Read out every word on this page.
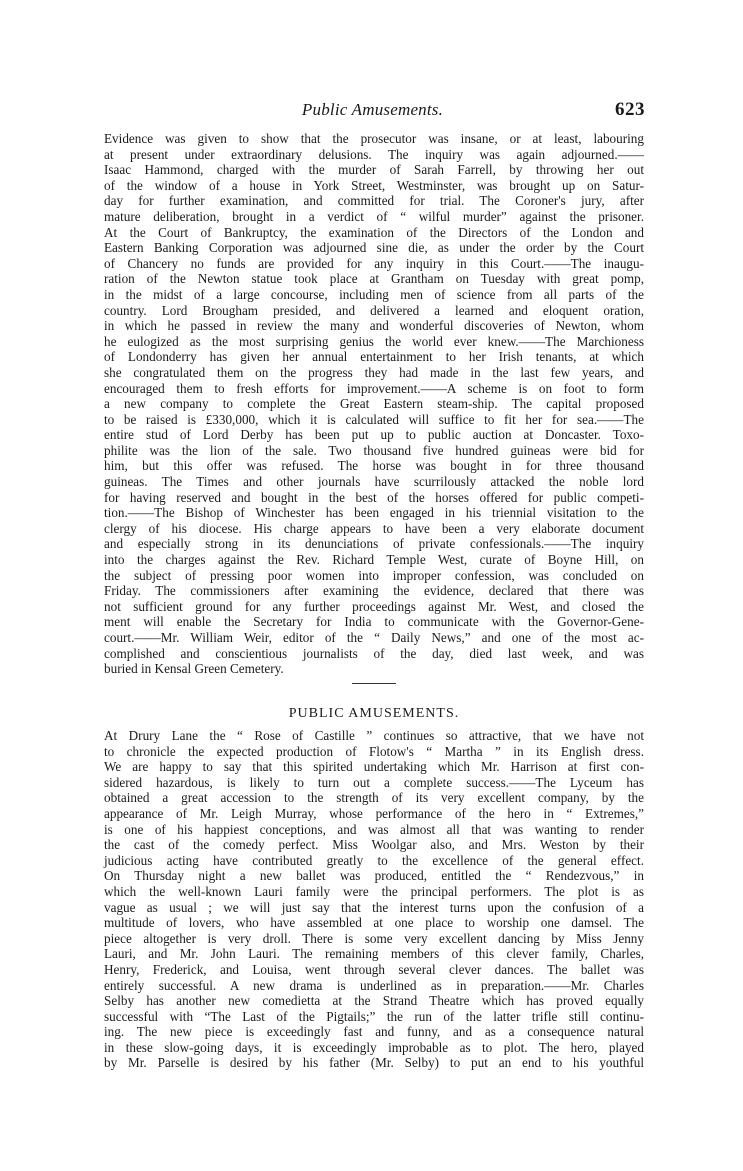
Public Amusements.	623
Evidence was given to show that the prosecutor was insane, or at least, labouring
at present under extraordinary delusions. The inquiry was again adjourned.——
Isaac Hammond, charged with the murder of Sarah Farrell, by throwing her out
of the window of a house in York Street, Westminster, was brought up on Satur-
day for further examination, and committed for trial. The Coroner's jury, after
mature deliberation, brought in a verdict of “ wilful murder” against the prisoner.
At the Court of Bankruptcy, the examination of the Directors of the London and
Eastern Banking Corporation was adjourned sine die, as under the order by the Court
of Chancery no funds are provided for any inquiry in this Court.——The inaugu-
ration of the Newton statue took place at Grantham on Tuesday with great pomp,
in the midst of a large concourse, including men of science from all parts of the
country. Lord Brougham presided, and delivered a learned and eloquent oration,
in which he passed in review the many and wonderful discoveries of Newton, whom
he eulogized as the most surprising genius the world ever knew.——The Marchioness
of Londonderry has given her annual entertainment to her Irish tenants, at which
she congratulated them on the progress they had made in the last few years, and
encouraged them to fresh efforts for improvement.——A scheme is on foot to form
a new company to complete the Great Eastern steam-ship. The capital proposed
to be raised is £330,000, which it is calculated will suffice to fit her for sea.——The
entire stud of Lord Derby has been put up to public auction at Doncaster. Toxo-
philite was the lion of the sale. Two thousand five hundred guineas were bid for
him, but this offer was refused. The horse was bought in for three thousand
guineas. The Times and other journals have scurrilously attacked the noble lord
for having reserved and bought in the best of the horses offered for public competi-
tion.——The Bishop of Winchester has been engaged in his triennial visitation to the
clergy of his diocese. His charge appears to have been a very elaborate document
and especially strong in its denunciations of private confessionals.——The inquiry
into the charges against the Rev. Richard Temple West, curate of Boyne Hill, on
the subject of pressing poor women into improper confession, was concluded on
Friday. The commissioners after examining the evidence, declared that there was
not sufficient ground for any further proceedings against Mr. West, and closed the
ment will enable the Secretary for India to communicate with the Governor-Gene-
court.——Mr. William Weir, editor of the “ Daily News,” and one of the most ac-
complished and conscientious journalists of the day, died last week, and was
buried in Kensal Green Cemetery.
PUBLIC AMUSEMENTS.
At Drury Lane the “ Rose of Castille ” continues so attractive, that we have not
to chronicle the expected production of Flotow's “ Martha ” in its English dress.
We are happy to say that this spirited undertaking which Mr. Harrison at first con-
sidered hazardous, is likely to turn out a complete success.——The Lyceum has
obtained a great accession to the strength of its very excellent company, by the
appearance of Mr. Leigh Murray, whose performance of the hero in “ Extremes,”
is one of his happiest conceptions, and was almost all that was wanting to render
the cast of the comedy perfect. Miss Woolgar also, and Mrs. Weston by their
judicious acting have contributed greatly to the excellence of the general effect.
On Thursday night a new ballet was produced, entitled the “ Rendezvous,” in
which the well-known Lauri family were the principal performers. The plot is as
vague as usual ; we will just say that the interest turns upon the confusion of a
multitude of lovers, who have assembled at one place to worship one damsel. The
piece altogether is very droll. There is some very excellent dancing by Miss Jenny
Lauri, and Mr. John Lauri. The remaining members of this clever family, Charles,
Henry, Frederick, and Louisa, went through several clever dances. The ballet was
entirely successful. A new drama is underlined as in preparation.——Mr. Charles
Selby has another new comedietta at the Strand Theatre which has proved equally
successful with “The Last of the Pigtails;” the run of the latter trifle still continu-
ing. The new piece is exceedingly fast and funny, and as a consequence natural
in these slow-going days, it is exceedingly improbable as to plot. The hero, played
by Mr. Parselle is desired by his father (Mr. Selby) to put an end to his youthful
